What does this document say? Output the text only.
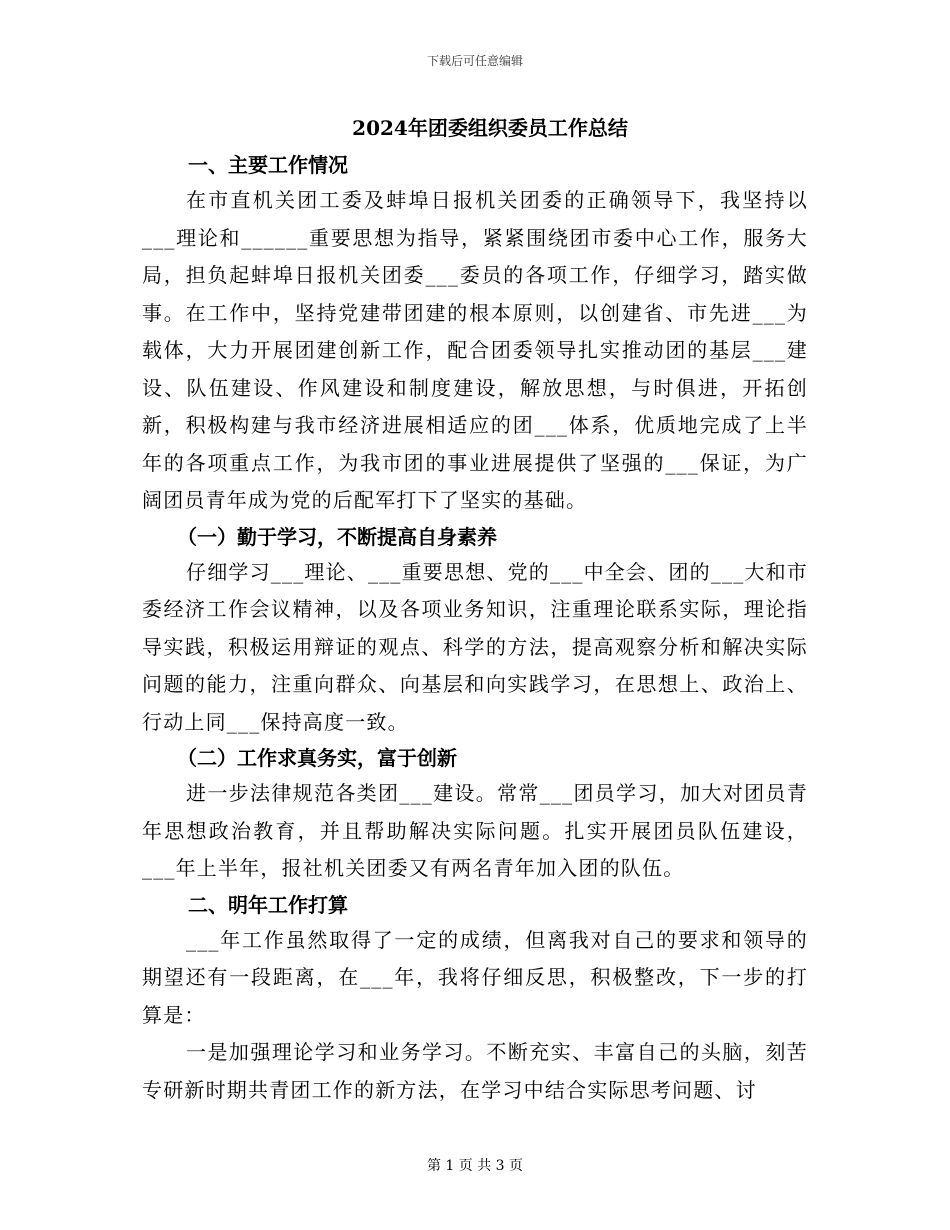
下载后可任意编辑
2024年团委组织委员工作总结

一、主要工作情况

在市直机关团工委及蚌埠日报机关团委的正确领导下，我坚持以___理论和______重要思想为指导，紧紧围绕团市委中心工作，服务大局，担负起蚌埠日报机关团委___委员的各项工作，仔细学习，踏实做事。在工作中，坚持党建带团建的根本原则，以创建省、市先进___为载体，大力开展团建创新工作，配合团委领导扎实推动团的基层___建设、队伍建设、作风建设和制度建设，解放思想，与时俱进，开拓创新，积极构建与我市经济进展相适应的团___体系，优质地完成了上半年的各项重点工作，为我市团的事业进展提供了坚强的___保证，为广阔团员青年成为党的后配军打下了坚实的基础。

（一）勤于学习，不断提高自身素养

仔细学习___理论、___重要思想、党的___中全会、团的___大和市委经济工作会议精神，以及各项业务知识，注重理论联系实际，理论指导实践，积极运用辩证的观点、科学的方法，提高观察分析和解决实际问题的能力，注重向群众、向基层和向实践学习，在思想上、政治上、行动上同___保持高度一致。

（二）工作求真务实，富于创新

进一步法律规范各类团___建设。常常___团员学习，加大对团员青年思想政治教育，并且帮助解决实际问题。扎实开展团员队伍建设，___年上半年，报社机关团委又有两名青年加入团的队伍。

二、明年工作打算

___年工作虽然取得了一定的成绩，但离我对自己的要求和领导的期望还有一段距离，在___年，我将仔细反思，积极整改，下一步的打算是：

一是加强理论学习和业务学习。不断充实、丰富自己的头脑，刻苦专研新时期共青团工作的新方法，在学习中结合实际思考问题、讨

第 1 页 共 3 页
